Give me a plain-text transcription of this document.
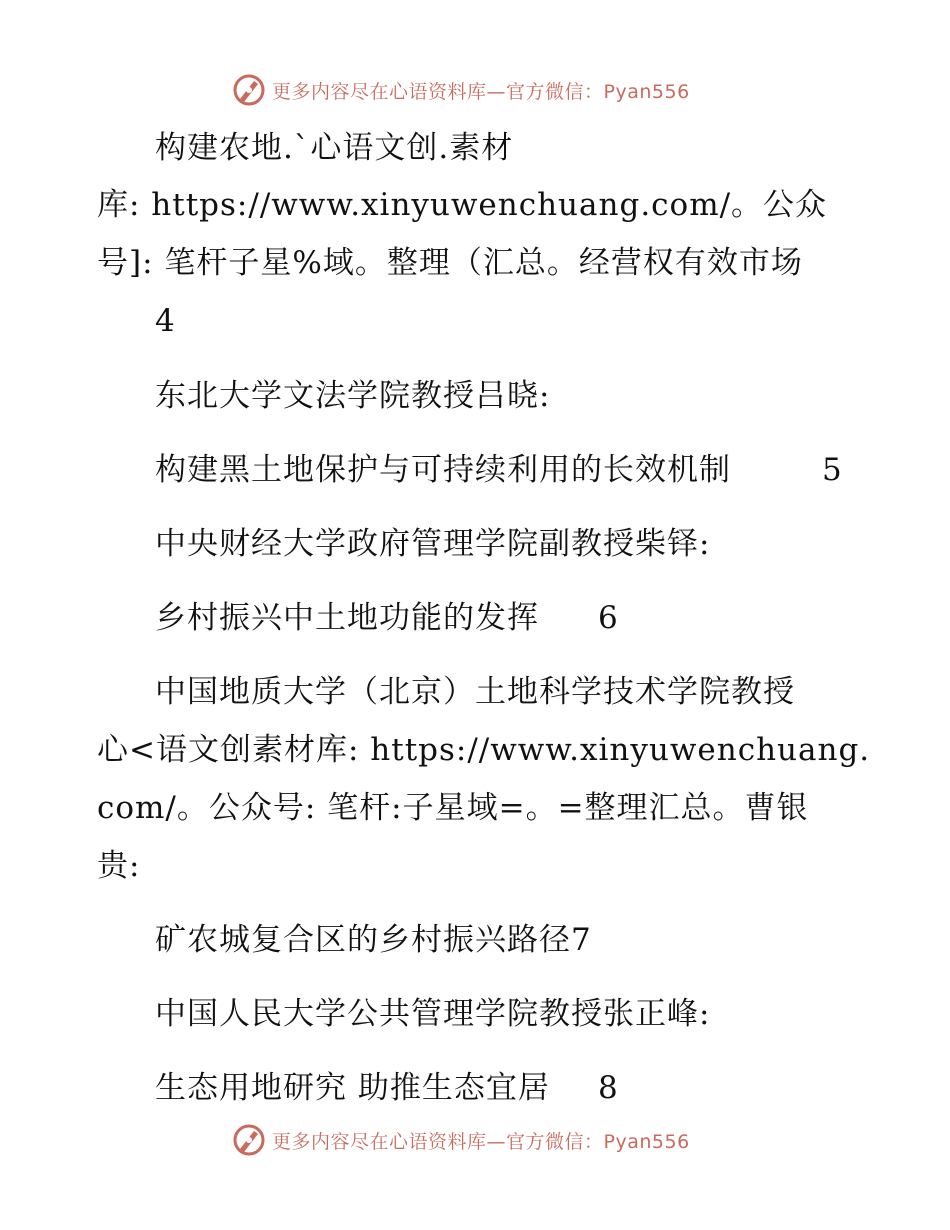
更多内容尽在心语资料库—官方微信：Pyan556
构建农地.`心语文创.素材
库: https://www.xinyuwenchuang.com/。公众
号]: 笔杆子星%域。整理（汇总。经营权有效市场
4
东北大学文法学院教授吕晓:
构建黑土地保护与可持续利用的长效机制	5
中央财经大学政府管理学院副教授柴铎:
乡村振兴中土地功能的发挥 6
中国地质大学（北京）土地科学技术学院教授
心<语文创素材库: https://www.xinyuwenchuang.
com/。公众号: 笔杆:子星域=。=整理汇总。曹银
贵:
矿农城复合区的乡村振兴路径7
中国人民大学公共管理学院教授张正峰:
生态用地研究 助推生态宜居 8
更多内容尽在心语资料库—官方微信：Pyan556
